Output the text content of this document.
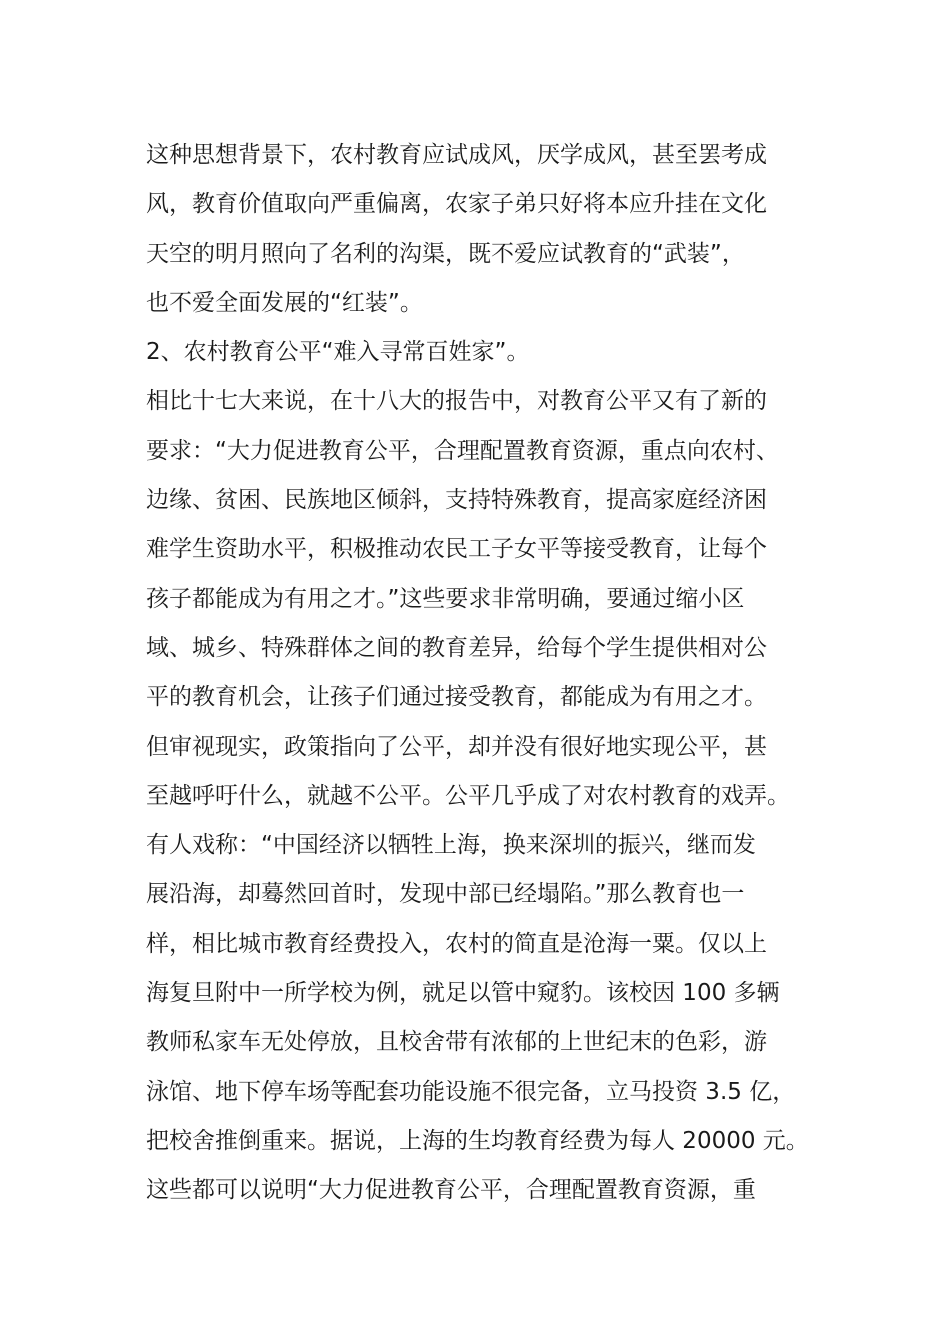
这种思想背景下，农村教育应试成风，厌学成风，甚至罢考成
风，教育价值取向严重偏离，农家子弟只好将本应升挂在文化
天空的明月照向了名利的沟渠，既不爱应试教育的“武装”，
也不爱全面发展的“红装”。
2、农村教育公平“难入寻常百姓家”。
相比十七大来说，在十八大的报告中，对教育公平又有了新的
要求：“大力促进教育公平，合理配置教育资源，重点向农村、
边缘、贫困、民族地区倾斜，支持特殊教育，提高家庭经济困
难学生资助水平，积极推动农民工子女平等接受教育，让每个
孩子都能成为有用之才。”这些要求非常明确，要通过缩小区
域、城乡、特殊群体之间的教育差异，给每个学生提供相对公
平的教育机会，让孩子们通过接受教育，都能成为有用之才。
但审视现实，政策指向了公平，却并没有很好地实现公平，甚
至越呼吁什么，就越不公平。公平几乎成了对农村教育的戏弄。
有人戏称：“中国经济以牺牲上海，换来深圳的振兴，继而发
展沿海，却蓦然回首时，发现中部已经塌陷。”那么教育也一
样，相比城市教育经费投入，农村的简直是沧海一粟。仅以上
海复旦附中一所学校为例，就足以管中窥豹。该校因 100 多辆
教师私家车无处停放，且校舍带有浓郁的上世纪末的色彩，游
泳馆、地下停车场等配套功能设施不很完备，立马投资 3.5 亿，
把校舍推倒重来。据说，上海的生均教育经费为每人 20000 元。
这些都可以说明“大力促进教育公平，合理配置教育资源，重
